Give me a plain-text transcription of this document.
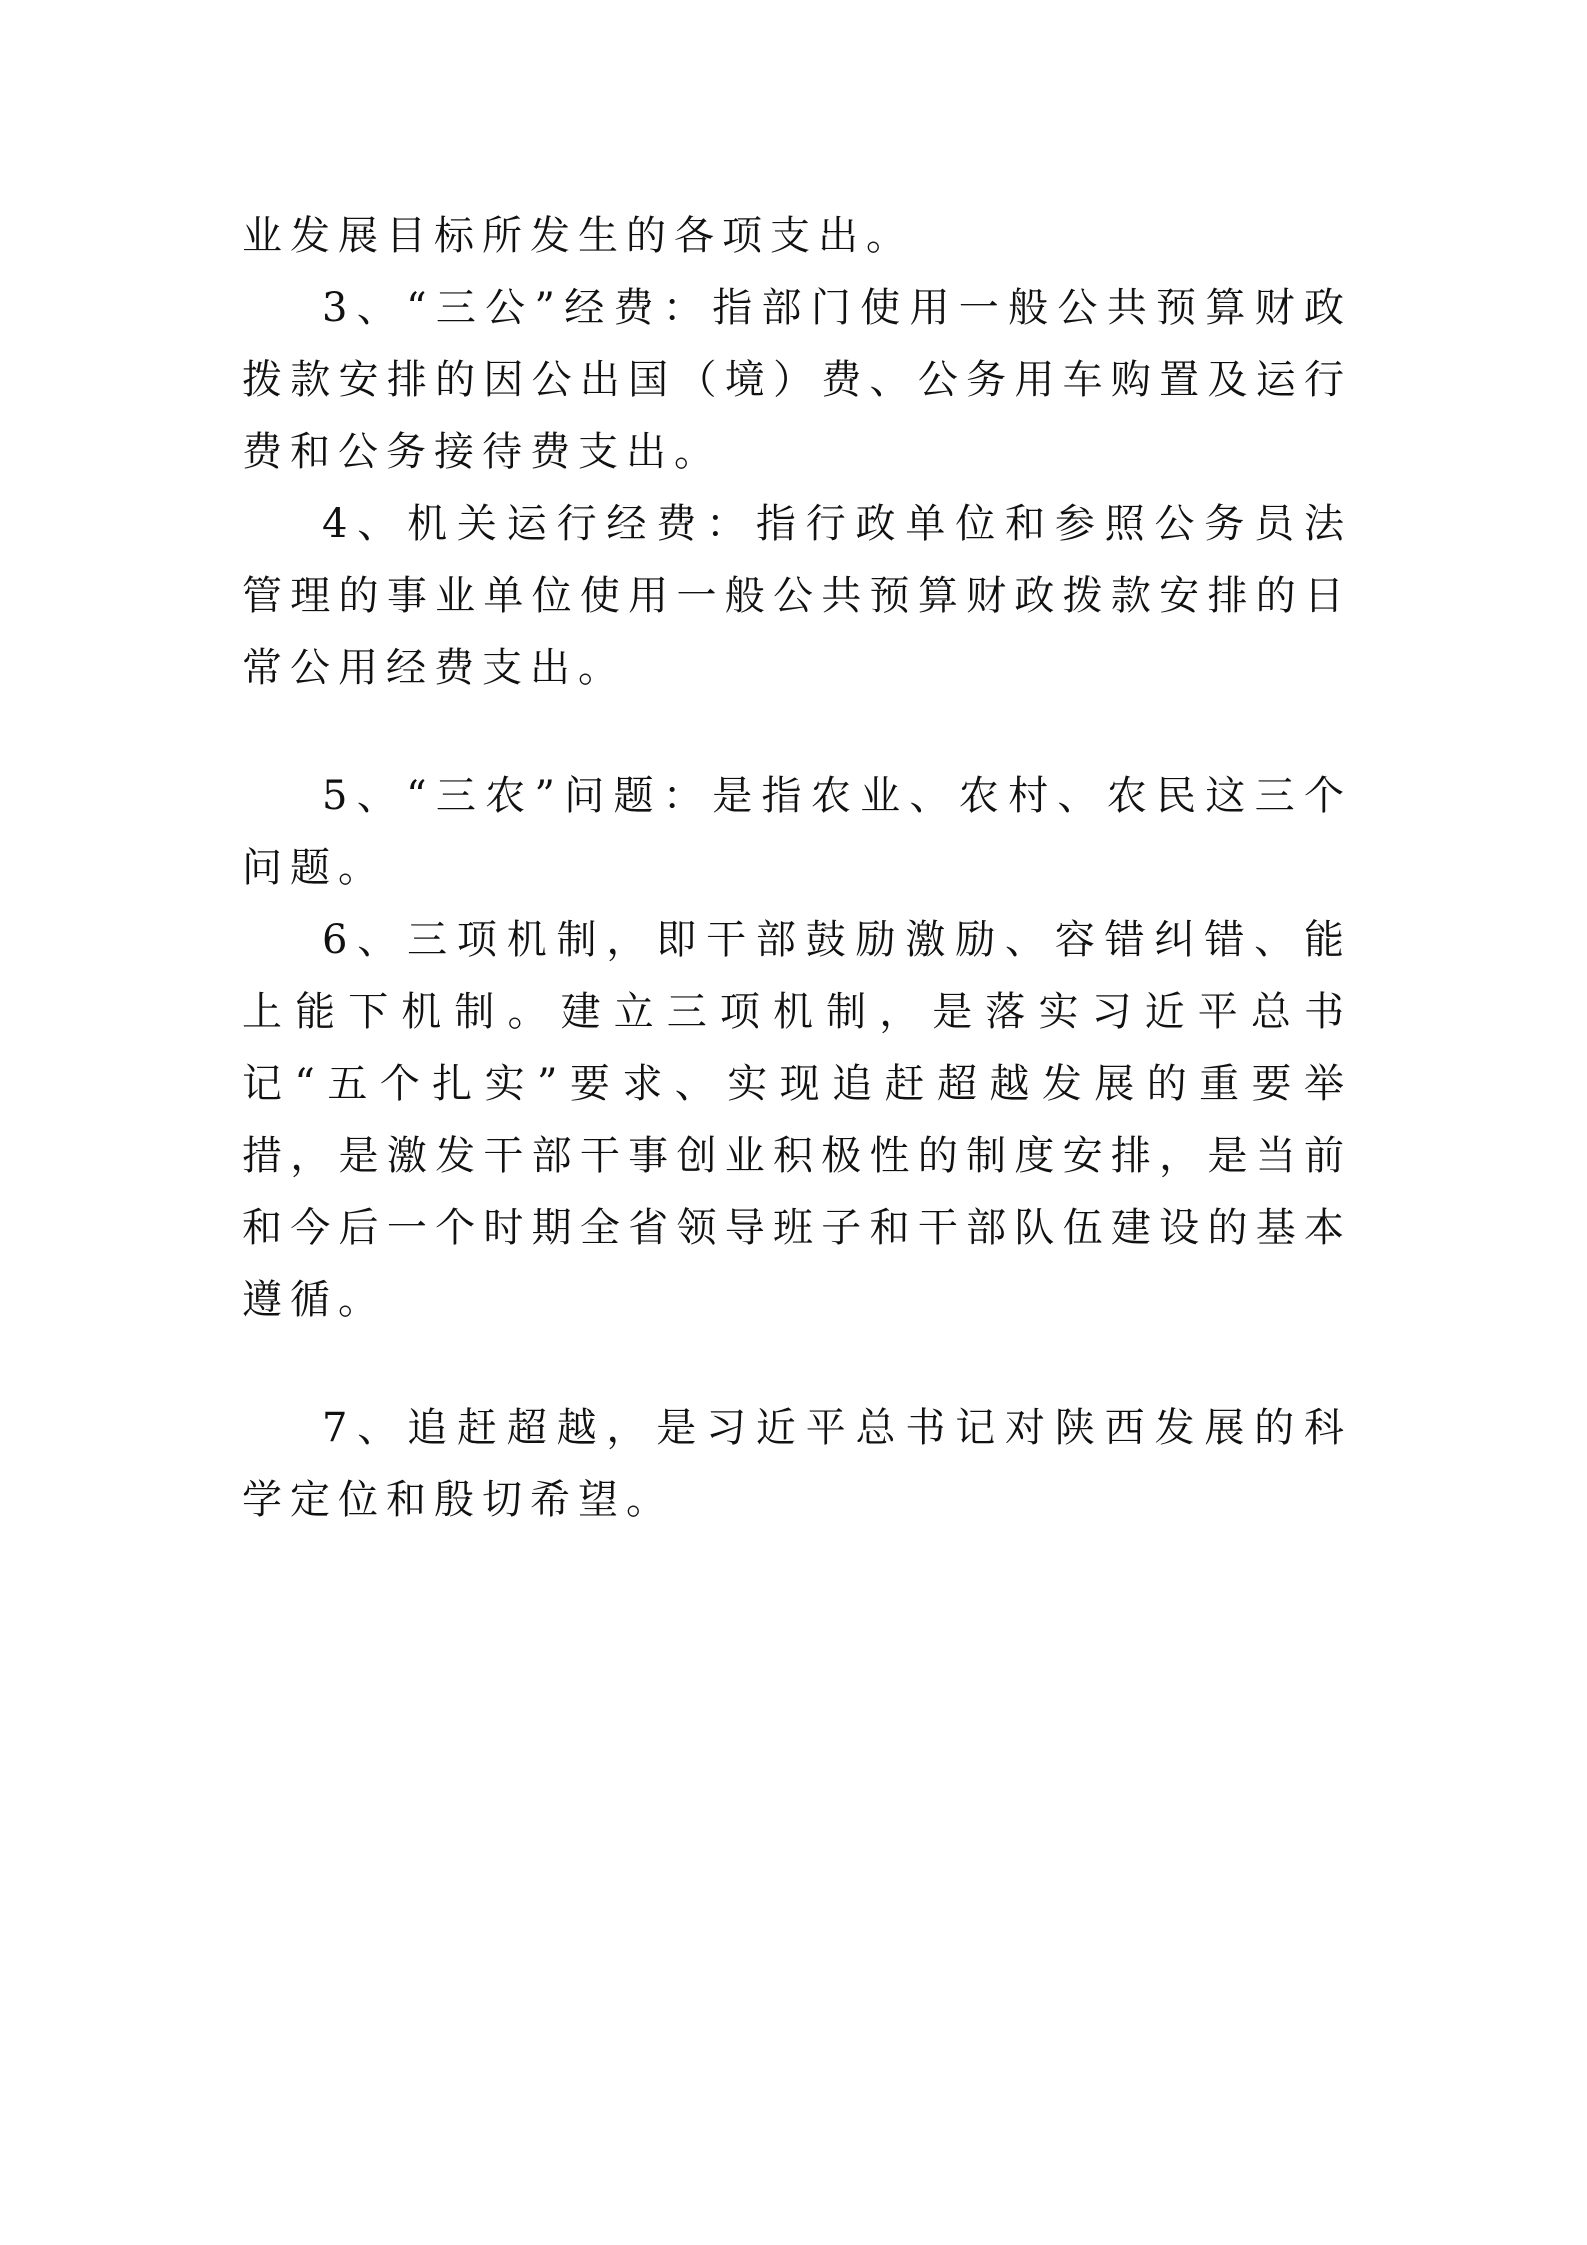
业发展目标所发生的各项支出。

3、“三公”经费：指部门使用一般公共预算财政拨款安排的因公出国（境）费、公务用车购置及运行费和公务接待费支出。

4、机关运行经费：指行政单位和参照公务员法管理的事业单位使用一般公共预算财政拨款安排的日常公用经费支出。

5、“三农”问题：是指农业、农村、农民这三个问题。

6、三项机制，即干部鼓励激励、容错纠错、能上能下机制。建立三项机制，是落实习近平总书记“五个扎实”要求、实现追赶超越发展的重要举措，是激发干部干事创业积极性的制度安排，是当前和今后一个时期全省领导班子和干部队伍建设的基本遵循。

7、追赶超越，是习近平总书记对陕西发展的科学定位和殷切希望。
